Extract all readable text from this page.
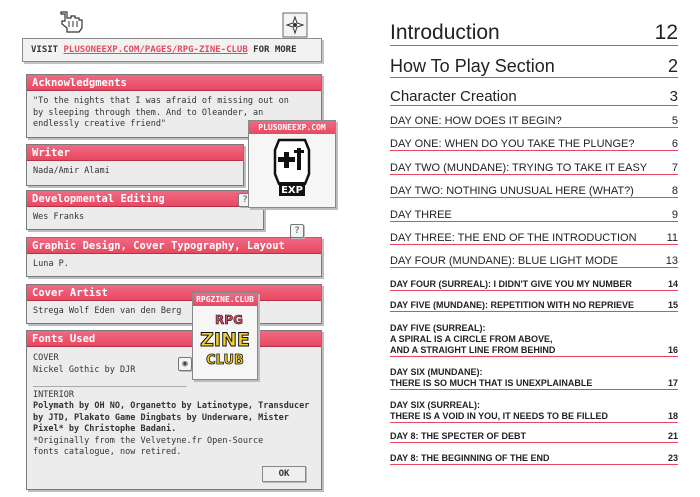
VISIT PLUSONEEXP.COM/PAGES/RPG-ZINE-CLUB FOR MORE
Acknowledgments
"To the nights that I was afraid of missing out on by sleeping through them. And to Oleander, an endlessly creative friend"
Writer
Nada/Amir Alami
Developmental Editing
Wes Franks
Graphic Design, Cover Typography, Layout
Luna P.
Cover Artist
Strega Wolf Eden van den Berg
Fonts Used
COVER
Nickel Gothic by DJR
______________________________
INTERIOR
Polymath by OH NO, Organetto by Latinotype, Transducer by JTD, Plakato Game Dingbats by Underware, Mister Pixel* by Christophe Badani.
*Originally from the Velvetyne.fr Open-Source fonts catalogue, now retired.
?
?
◉
PLUSONEEXP.COM
EXP
RPGZINE.CLUB
RPG
ZINE
CLUB
OK
Introduction	12
How To Play Section	2
Character Creation	3
DAY ONE: HOW DOES IT BEGIN?	5
DAY ONE: WHEN DO YOU TAKE THE PLUNGE?	6
DAY TWO (MUNDANE): TRYING TO TAKE IT EASY 7
DAY TWO: NOTHING UNUSUAL HERE (WHAT?)	8
DAY THREE	9
DAY THREE: THE END OF THE INTRODUCTION	11
DAY FOUR (MUNDANE): BLUE LIGHT MODE	13
DAY FOUR (SURREAL): I DIDN'T GIVE YOU MY NUMBER	14
DAY FIVE (MUNDANE): REPETITION WITH NO REPRIEVE	15
DAY FIVE (SURREAL):
A SPIRAL IS A CIRCLE FROM ABOVE,
AND A STRAIGHT LINE FROM BEHIND	16
DAY SIX (MUNDANE):
THERE IS SO MUCH THAT IS UNEXPLAINABLE	17
DAY SIX (SURREAL):
THERE IS A VOID IN YOU, IT NEEDS TO BE FILLED	18
DAY 8: THE SPECTER OF DEBT	21
DAY 8: THE BEGINNING OF THE END	23
